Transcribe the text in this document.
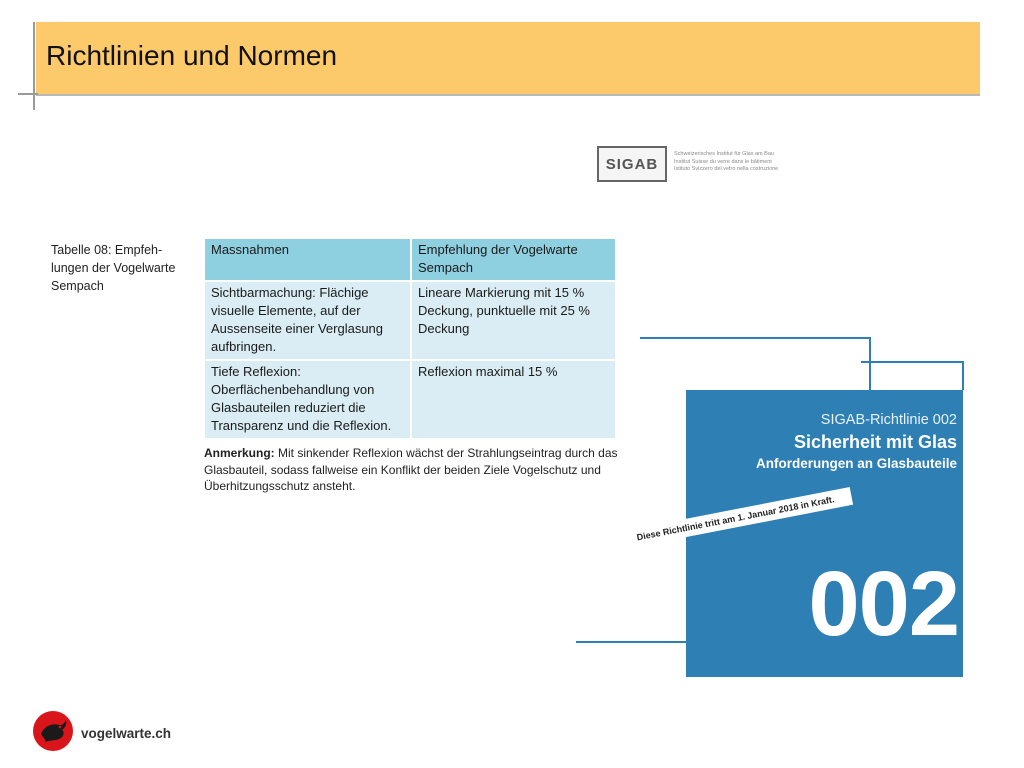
Richtlinien und Normen
Tabelle 08: Empfeh-lungen der Vogelwarte Sempach
Massnahmen	Empfehlung der Vogelwarte Sempach
Sichtbarmachung: Flächige visuelle Elemente, auf der Aussenseite einer Verglasung aufbringen.	Lineare Markierung mit 15 % Deckung, punktuelle mit 25 % Deckung
Tiefe Reflexion: Oberflächenbehandlung von Glasbauteilen reduziert die Transparenz und die Reflexion.	Reflexion maximal 15 %
Anmerkung: Mit sinkender Reflexion wächst der Strahlungseintrag durch das Glasbauteil, sodass fallweise ein Konflikt der beiden Ziele Vogelschutz und Überhitzungsschutz ansteht.
SIGAB
Schweizerisches Institut für Glas am Bau
Institut Suisse du verre dans le bâtiment
Istituto Svizzero del vetro nella costruzione
SIGAB-Richtlinie 002
Sicherheit mit Glas
Anforderungen an Glasbauteile
002
Diese Richtlinie tritt am 1. Januar 2018 in Kraft.
vogelwarte.ch
